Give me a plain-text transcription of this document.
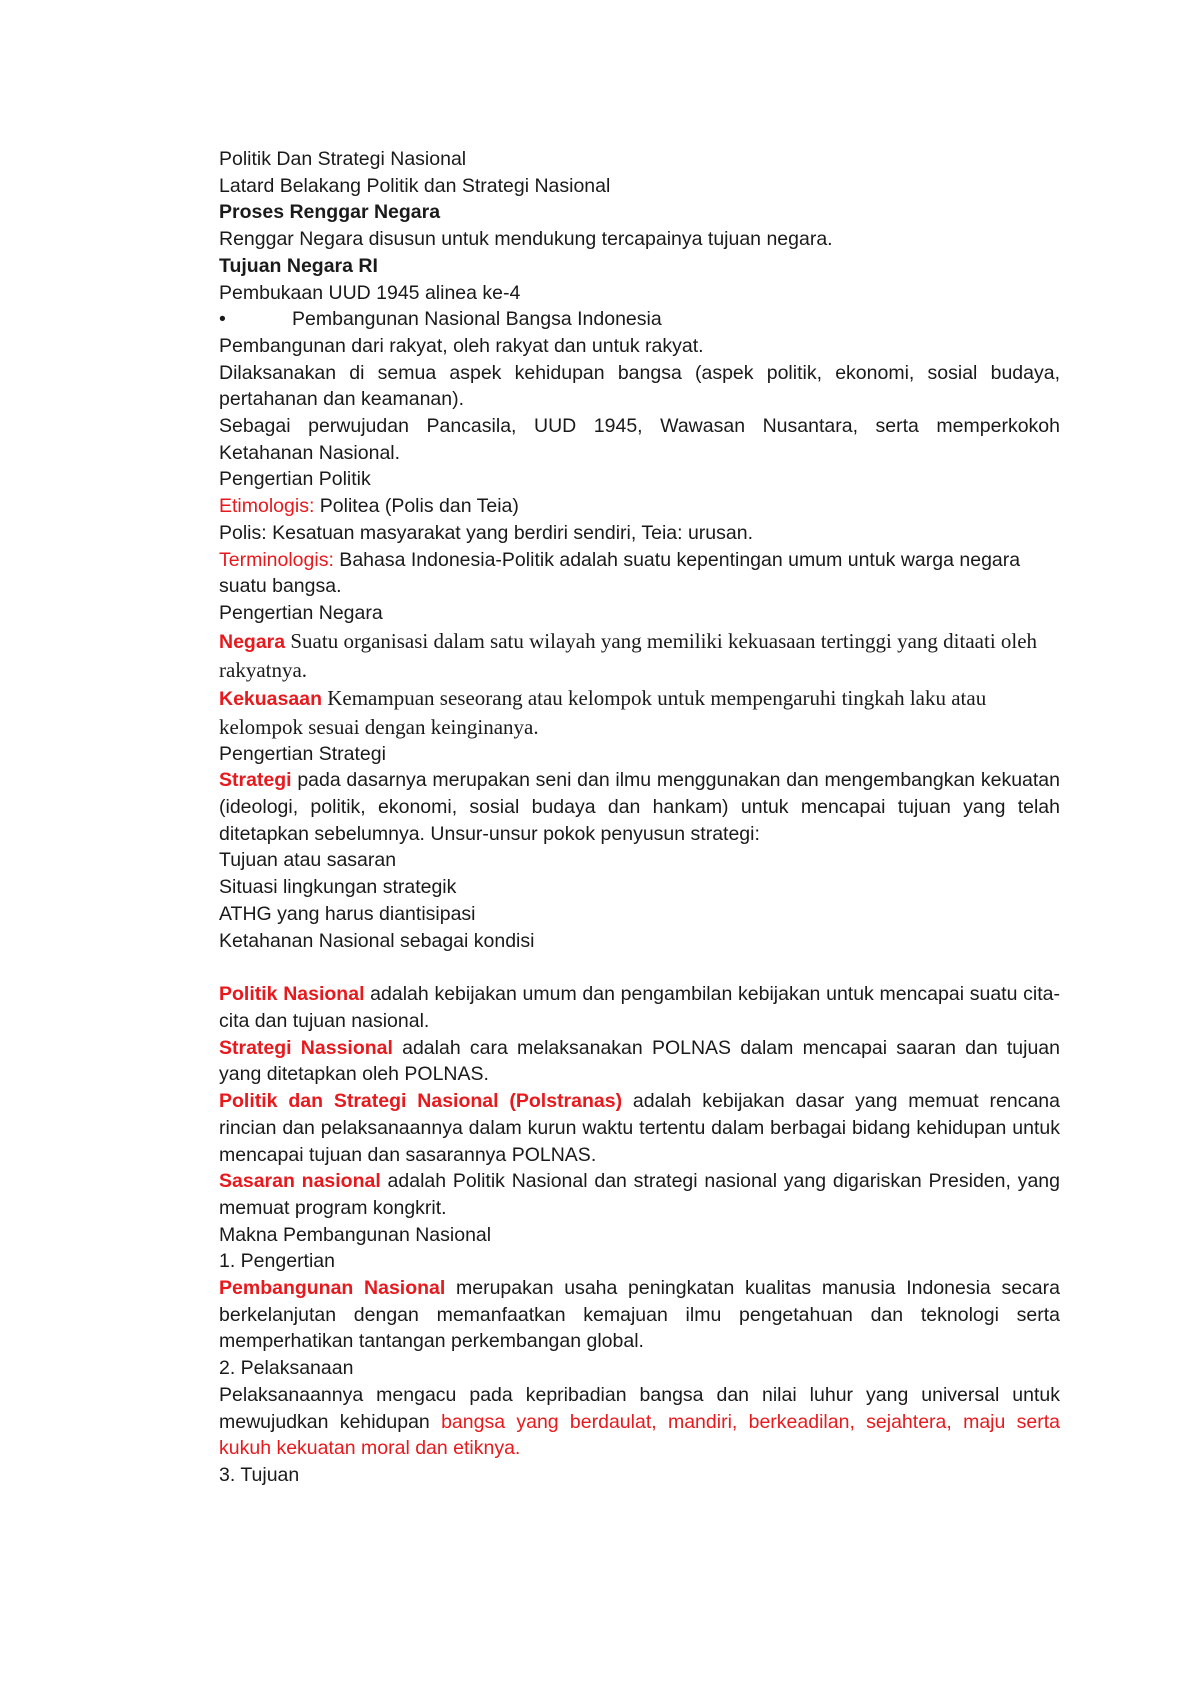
Politik Dan Strategi Nasional

Latard Belakang Politik dan Strategi Nasional

Proses Renggar Negara

Renggar Negara disusun untuk mendukung tercapainya tujuan negara.

Tujuan Negara RI

Pembukaan UUD 1945 alinea ke-4

•	Pembangunan Nasional Bangsa Indonesia

Pembangunan dari rakyat, oleh rakyat dan untuk rakyat.

Dilaksanakan di semua aspek kehidupan bangsa (aspek politik, ekonomi, sosial budaya, pertahanan dan keamanan).

Sebagai perwujudan Pancasila, UUD 1945, Wawasan Nusantara, serta memperkokoh Ketahanan Nasional.

Pengertian Politik

Etimologis: Politea (Polis dan Teia)

Polis: Kesatuan masyarakat yang berdiri sendiri, Teia: urusan.

Terminologis: Bahasa Indonesia-Politik adalah suatu kepentingan umum untuk warga negara suatu bangsa.

Pengertian Negara

Negara Suatu organisasi dalam satu wilayah yang memiliki kekuasaan tertinggi yang ditaati oleh rakyatnya.

Kekuasaan Kemampuan seseorang atau kelompok untuk mempengaruhi tingkah laku atau kelompok sesuai dengan keinginanya.

Pengertian Strategi

Strategi pada dasarnya merupakan seni dan ilmu menggunakan dan mengembangkan kekuatan (ideologi, politik, ekonomi, sosial budaya dan hankam) untuk mencapai tujuan yang telah ditetapkan sebelumnya. Unsur-unsur pokok penyusun strategi:

Tujuan atau sasaran

Situasi lingkungan strategik

ATHG yang harus diantisipasi

Ketahanan Nasional sebagai kondisi

Politik Nasional adalah kebijakan umum dan pengambilan kebijakan untuk mencapai suatu cita-cita dan tujuan nasional.

Strategi Nassional adalah cara melaksanakan POLNAS dalam mencapai saaran dan tujuan yang ditetapkan oleh POLNAS.

Politik dan Strategi Nasional (Polstranas) adalah kebijakan dasar yang memuat rencana rincian dan pelaksanaannya dalam kurun waktu tertentu dalam berbagai bidang kehidupan untuk mencapai tujuan dan sasarannya POLNAS.

Sasaran nasional adalah Politik Nasional dan strategi nasional yang digariskan Presiden, yang memuat program kongkrit.

Makna Pembangunan Nasional

1. Pengertian

Pembangunan Nasional merupakan usaha peningkatan kualitas manusia Indonesia secara berkelanjutan dengan memanfaatkan kemajuan ilmu pengetahuan dan teknologi serta memperhatikan tantangan perkembangan global.

2. Pelaksanaan

Pelaksanaannya mengacu pada kepribadian bangsa dan nilai luhur yang universal untuk mewujudkan kehidupan bangsa yang berdaulat, mandiri, berkeadilan, sejahtera, maju serta kukuh kekuatan moral dan etiknya.

3. Tujuan
